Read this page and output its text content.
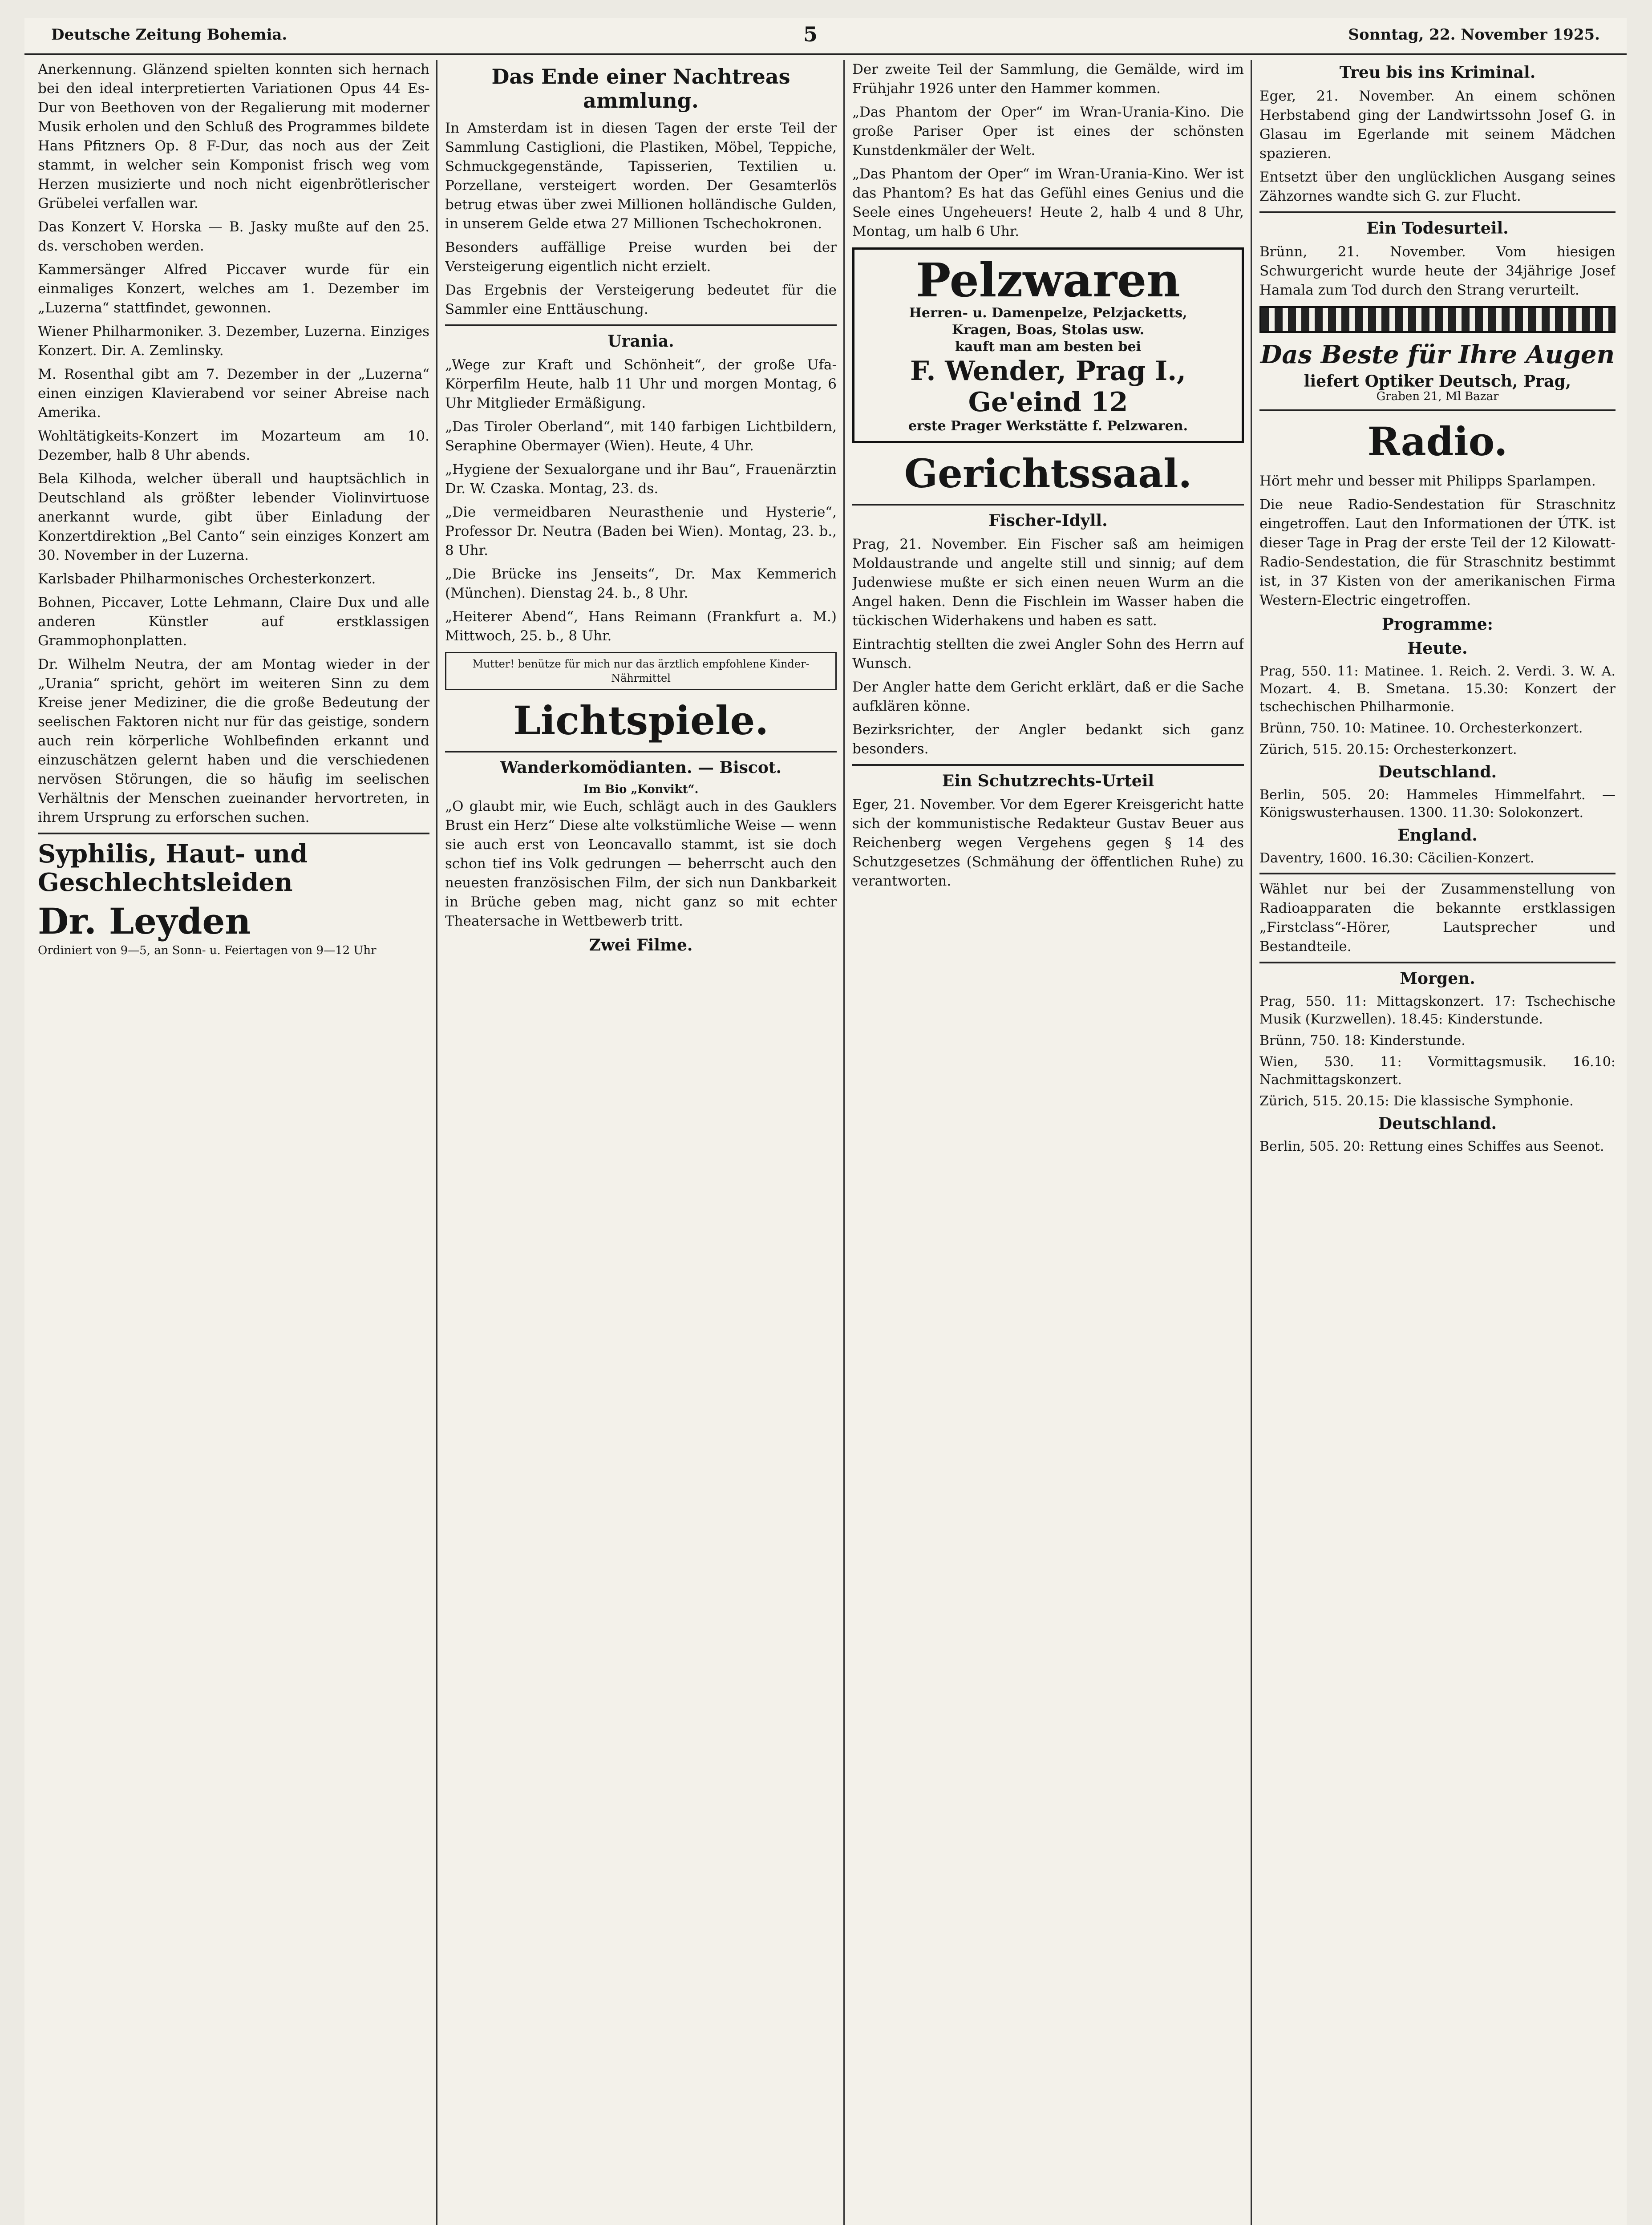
Deutsche Zeitung Bohemia.	5	Sonntag, 22. November 1925.

Anerkennung. Glänzend spielten konnten sich hernach bei den ideal interpretierten Variationen Opus 44 Es-Dur von Beethoven von der Regalierung mit moderner Musik erholen und den Schluß des Programmes bildete Hans Pfitzners Op. 8 F-Dur, das noch aus der Zeit stammt, in welcher sein Komponist frisch weg vom Herzen musizierte und noch nicht eigenbrötlerischer Grübelei verfallen war.

Das Konzert V. Horska — B. Jasky mußte auf den 25. ds. verschoben werden.

Kammersänger Alfred Piccaver wurde für ein einmaliges Konzert, welches am 1. Dezember im „Luzerna“ stattfindet, gewonnen.

Wiener Philharmoniker. 3. Dezember, Luzerna. Einziges Konzert. Dir. A. Zemlinsky.

M. Rosenthal gibt am 7. Dezember in der „Luzerna“ einen einzigen Klavierabend vor seiner Abreise nach Amerika.

Wohltätigkeits-Konzert im Mozarteum am 10. Dezember, halb 8 Uhr abends.

Bela Kilhoda, welcher überall und hauptsächlich in Deutschland als größter lebender Violinvirtuose anerkannt wurde, gibt über Einladung der Konzertdirektion „Bel Canto“ sein einziges Konzert am 30. November in der Luzerna.

Karlsbader Philharmonisches Orchesterkonzert.

Bohnen, Piccaver, Lotte Lehmann, Claire Dux und alle anderen Künstler auf erstklassigen Grammophonplatten.

Dr. Wilhelm Neutra, der am Montag wieder in der „Urania“ spricht, gehört im weiteren Sinn zu dem Kreise jener Mediziner, die die große Bedeutung der seelischen Faktoren nicht nur für das geistige, sondern auch rein körperliche Wohlbefinden erkannt und einzuschätzen gelernt haben und die verschiedenen nervösen Störungen, die so häufig im seelischen Verhältnis der Menschen zueinander hervortreten, in ihrem Ursprung zu erforschen suchen.

Syphilis, Haut- und Geschlechtsleiden
Dr. Leyden

Ordiniert von 9—5, an Sonn- u. Feiertagen von 9—12 Uhr

Das Ende einer Nachtreas ammlung.

In Amsterdam ist in diesen Tagen der erste Teil der Sammlung Castiglioni, die Plastiken, Möbel, Teppiche, Schmuckgegenstände, Tapisserien, Textilien u. Porzellane, versteigert worden. Der Gesamterlös betrug etwas über zwei Millionen holländische Gulden, in unserem Gelde etwa 27 Millionen Tschechokronen.

Besonders auffällige Preise wurden bei der Versteigerung eigentlich nicht erzielt.

Das Ergebnis der Versteigerung bedeutet für die Sammler eine Enttäuschung.

Urania.

„Wege zur Kraft und Schönheit“, der große Ufa-Körperfilm Heute, halb 11 Uhr und morgen Montag, 6 Uhr Mitglieder Ermäßigung.

„Das Tiroler Oberland“, mit 140 farbigen Lichtbildern, Seraphine Obermayer (Wien). Heute, 4 Uhr.

„Hygiene der Sexualorgane und ihr Bau“, Frauenärztin Dr. W. Czaska. Montag, 23. ds.

„Die vermeidbaren Neurasthenie und Hysterie“, Professor Dr. Neutra (Baden bei Wien). Montag, 23. b., 8 Uhr.

„Die Brücke ins Jenseits“, Dr. Max Kemmerich (München). Dienstag 24. b., 8 Uhr.

„Heiterer Abend“, Hans Reimann (Frankfurt a. M.) Mittwoch, 25. b., 8 Uhr.

Mutter! benütze für mich nur das ärztlich empfohlene Kinder-Nährmittel
Lichtspiele.
Wanderkomödianten. — Biscot.
Im Bio „Konvikt“.

„O glaubt mir, wie Euch, schlägt auch in des Gauklers Brust ein Herz“ Diese alte volkstümliche Weise — wenn sie auch erst von Leoncavallo stammt, ist sie doch schon tief ins Volk gedrungen — beherrscht auch den neuesten französischen Film, der sich nun Dankbarkeit in Brüche geben mag, nicht ganz so mit echter Theatersache in Wettbewerb tritt.

Zwei Filme.

Der zweite Teil der Sammlung, die Gemälde, wird im Frühjahr 1926 unter den Hammer kommen.

„Das Phantom der Oper“ im Wran-Urania-Kino. Die große Pariser Oper ist eines der schönsten Kunstdenkmäler der Welt.

„Das Phantom der Oper“ im Wran-Urania-Kino. Wer ist das Phantom? Es hat das Gefühl eines Genius und die Seele eines Ungeheuers! Heute 2, halb 4 und 8 Uhr, Montag, um halb 6 Uhr.

Pelzwaren
Herren- u. Damenpelze, Pelzjacketts,
Kragen, Boas, Stolas usw.
kauft man am besten bei
F. Wender, Prag I., Ge'eind 12
erste Prager Werkstätte f. Pelzwaren.
Gerichtssaal.
Fischer-Idyll.

Prag, 21. November. Ein Fischer saß am heimigen Moldaustrande und angelte still und sinnig; auf dem Judenwiese mußte er sich einen neuen Wurm an die Angel haken. Denn die Fischlein im Wasser haben die tückischen Widerhakens und haben es satt.

Eintrachtig stellten die zwei Angler Sohn des Herrn auf Wunsch.

Der Angler hatte dem Gericht erklärt, daß er die Sache aufklären könne.

Bezirksrichter, der Angler bedankt sich ganz besonders.

Ein Schutzrechts-Urteil

Eger, 21. November. Vor dem Egerer Kreisgericht hatte sich der kommunistische Redakteur Gustav Beuer aus Reichenberg wegen Vergehens gegen § 14 des Schutzgesetzes (Schmähung der öffentlichen Ruhe) zu verantworten.

Treu bis ins Kriminal.

Eger, 21. November. An einem schönen Herbstabend ging der Landwirtssohn Josef G. in Glasau im Egerlande mit seinem Mädchen spazieren.

Entsetzt über den unglücklichen Ausgang seines Zähzornes wandte sich G. zur Flucht.

Ein Todesurteil.

Brünn, 21. November. Vom hiesigen Schwurgericht wurde heute der 34jährige Josef Hamala zum Tod durch den Strang verurteilt.

Das Beste für Ihre Augen
liefert Optiker Deutsch, Prag,
Graben 21, Ml Bazar
Radio.

Hört mehr und besser mit Philipps Sparlampen.

Die neue Radio-Sendestation für Straschnitz eingetroffen. Laut den Informationen der ÚTK. ist dieser Tage in Prag der erste Teil der 12 Kilowatt-Radio-Sendestation, die für Straschnitz bestimmt ist, in 37 Kisten von der amerikanischen Firma Western-Electric eingetroffen.

Programme:
Heute.

Prag, 550. 11: Matinee. 1. Reich. 2. Verdi. 3. W. A. Mozart. 4. B. Smetana. 15.30: Konzert der tschechischen Philharmonie.

Brünn, 750. 10: Matinee. 10. Orchesterkonzert.

Zürich, 515. 20.15: Orchesterkonzert.

Deutschland.

Berlin, 505. 20: Hammeles Himmelfahrt. — Königswusterhausen. 1300. 11.30: Solokonzert.

England.

Daventry, 1600. 16.30: Cäcilien-Konzert.

Wählet nur bei der Zusammenstellung von Radioapparaten die bekannte erstklassigen „Firstclass“-Hörer, Lautsprecher und Bestandteile.

Morgen.

Prag, 550. 11: Mittagskonzert. 17: Tschechische Musik (Kurzwellen). 18.45: Kinderstunde.

Brünn, 750. 18: Kinderstunde.

Wien, 530. 11: Vormittagsmusik. 16.10: Nachmittagskonzert.

Zürich, 515. 20.15: Die klassische Symphonie.

Deutschland.

Berlin, 505. 20: Rettung eines Schiffes aus Seenot.
